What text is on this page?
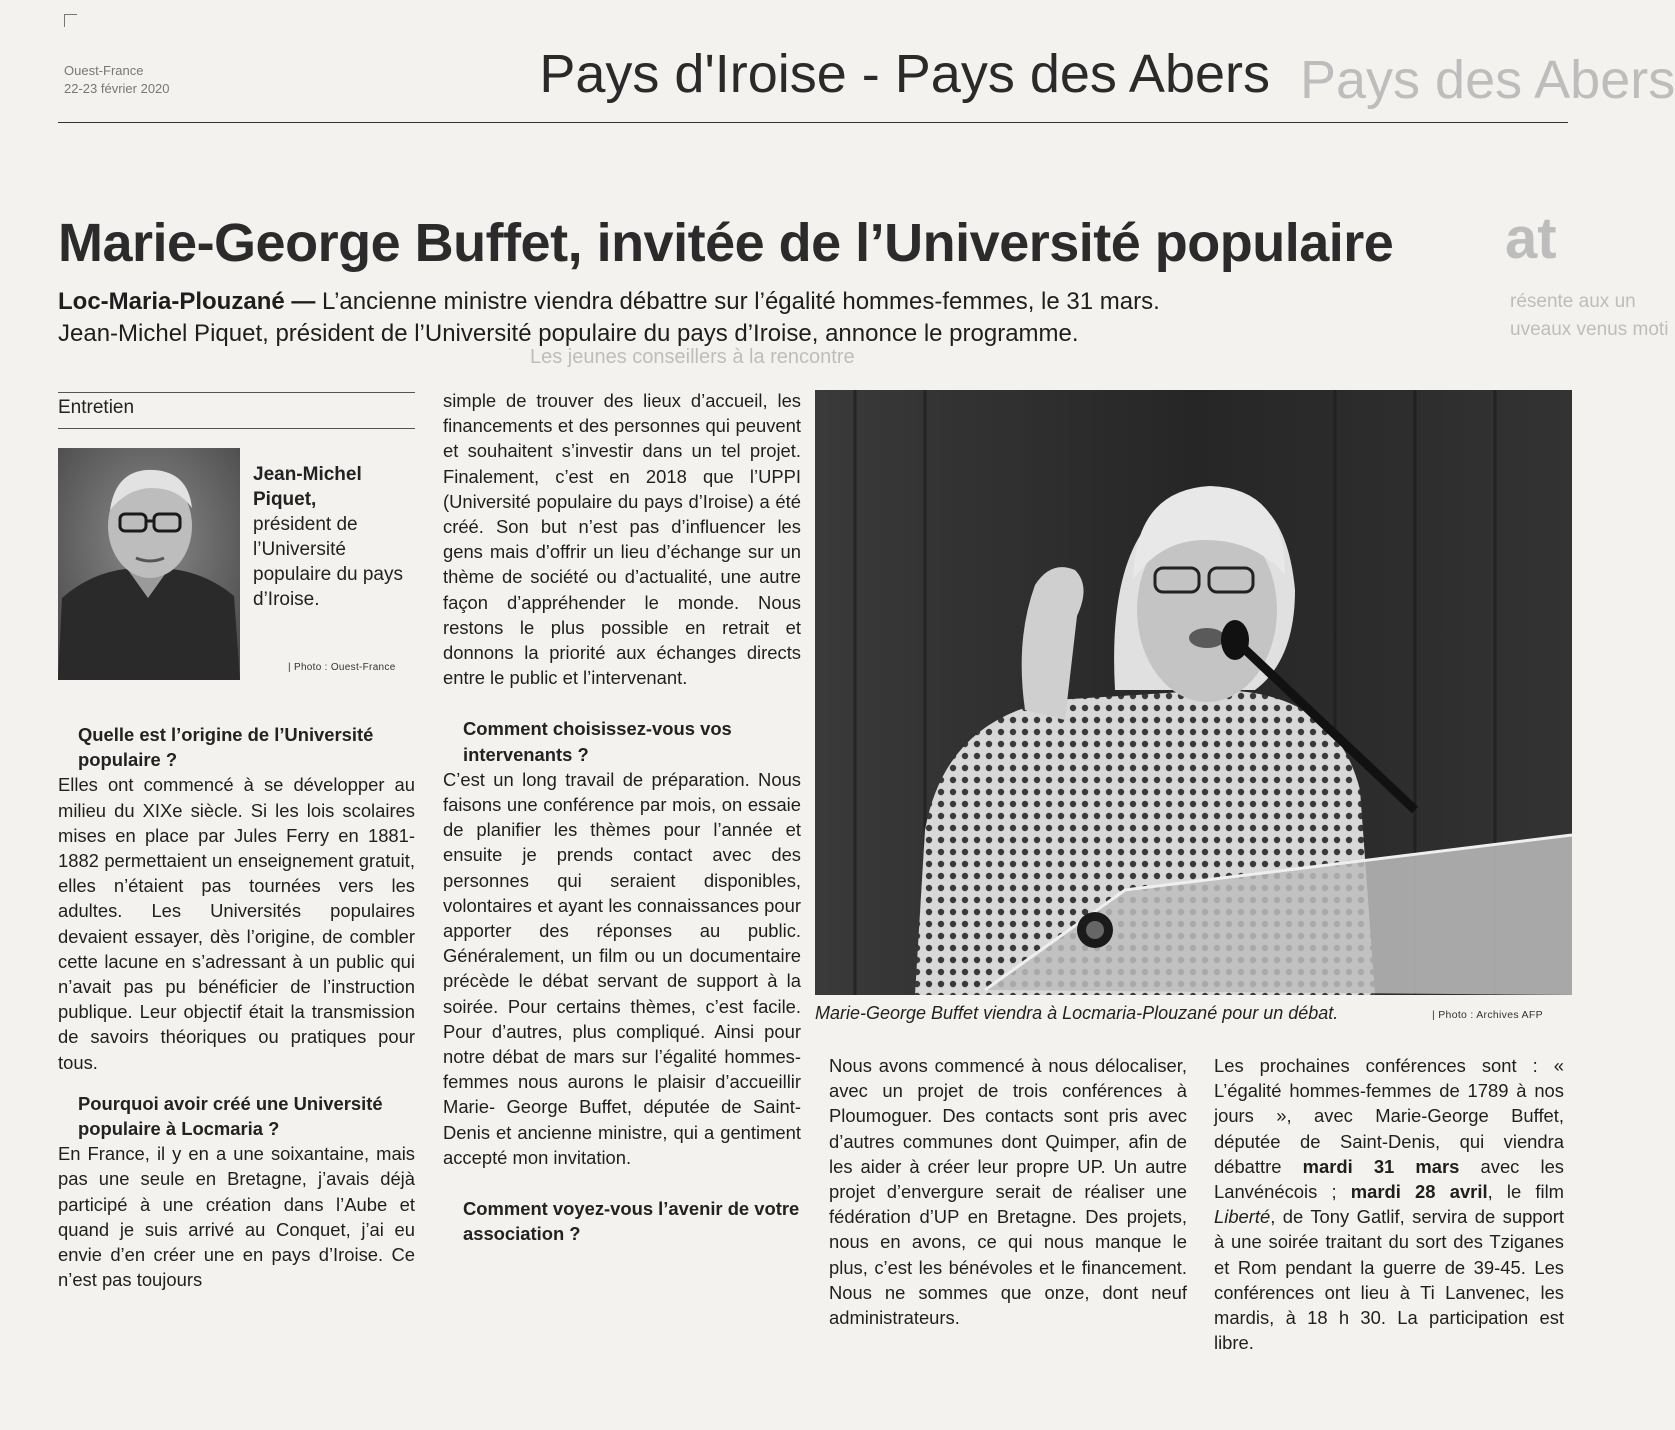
Ouest-France
22-23 février 2020	Pays d'Iroise - Pays des Abers Pays des Abers
at
résente aux un
uveaux venus moti
Les jeunes conseillers à la rencontre
Marie-George Buffet, invitée de l’Université populaire
Loc-Maria-Plouzané — L’ancienne ministre viendra débattre sur l’égalité hommes-femmes, le 31 mars.
Jean-Michel Piquet, président de l’Université populaire du pays d’Iroise, annonce le programme.
Entretien

Jean-Michel Piquet,
président de l’Université populaire du pays d’Iroise.

| Photo : Ouest-France

Quelle est l’origine de l’Université populaire ?

Elles ont commencé à se développer au milieu du XIXe siècle. Si les lois scolaires mises en place par Jules Ferry en 1881-1882 permettaient un enseignement gratuit, elles n’étaient pas tournées vers les adultes. Les Universités populaires devaient essayer, dès l’origine, de combler cette lacune en s’adressant à un public qui n’avait pas pu bénéficier de l’instruction publique. Leur objectif était la transmission de savoirs théoriques ou pratiques pour tous.

Pourquoi avoir créé une Université populaire à Locmaria ?

En France, il y en a une soixantaine, mais pas une seule en Bretagne, j’avais déjà participé à une création dans l’Aube et quand je suis arrivé au Conquet, j’ai eu envie d’en créer une en pays d’Iroise. Ce n’est pas toujours

simple de trouver des lieux d’accueil, les financements et des personnes qui peuvent et souhaitent s’investir dans un tel projet. Finalement, c’est en 2018 que l’UPPI (Université populaire du pays d’Iroise) a été créé. Son but n’est pas d’influencer les gens mais d’offrir un lieu d’échange sur un thème de société ou d’actualité, une autre façon d’appréhender le monde. Nous restons le plus possible en retrait et donnons la priorité aux échanges directs entre le public et l’intervenant.

Comment choisissez-vous vos intervenants ?

C’est un long travail de préparation. Nous faisons une conférence par mois, on essaie de planifier les thèmes pour l’année et ensuite je prends contact avec des personnes qui seraient disponibles, volontaires et ayant les connaissances pour apporter des réponses au public. Généralement, un film ou un documentaire précède le débat servant de support à la soirée. Pour certains thèmes, c’est facile. Pour d’autres, plus compliqué. Ainsi pour notre débat de mars sur l’égalité hommes-femmes nous aurons le plaisir d’accueillir Marie- George Buffet, députée de Saint- Denis et ancienne ministre, qui a gentiment accepté mon invitation.

Comment voyez-vous l’avenir de votre association ?

Marie-George Buffet viendra à Locmaria-Plouzané pour un débat.	| Photo : Archives AFP

Nous avons commencé à nous délocaliser, avec un projet de trois conférences à Ploumoguer. Des contacts sont pris avec d’autres communes dont Quimper, afin de les aider à créer leur propre UP. Un autre projet d’envergure serait de réaliser une fédération d’UP en Bretagne. Des projets, nous en avons, ce qui nous manque le plus, c’est les bénévoles et le financement. Nous ne sommes que onze, dont neuf administrateurs.

Les prochaines conférences sont : « L’égalité hommes-femmes de 1789 à nos jours », avec Marie-George Buffet, députée de Saint-Denis, qui viendra débattre mardi 31 mars avec les Lanvénécois ; mardi 28 avril, le film Liberté, de Tony Gatlif, servira de support à une soirée traitant du sort des Tziganes et Rom pendant la guerre de 39-45. Les conférences ont lieu à Ti Lanvenec, les mardis, à 18 h 30. La participation est libre.
